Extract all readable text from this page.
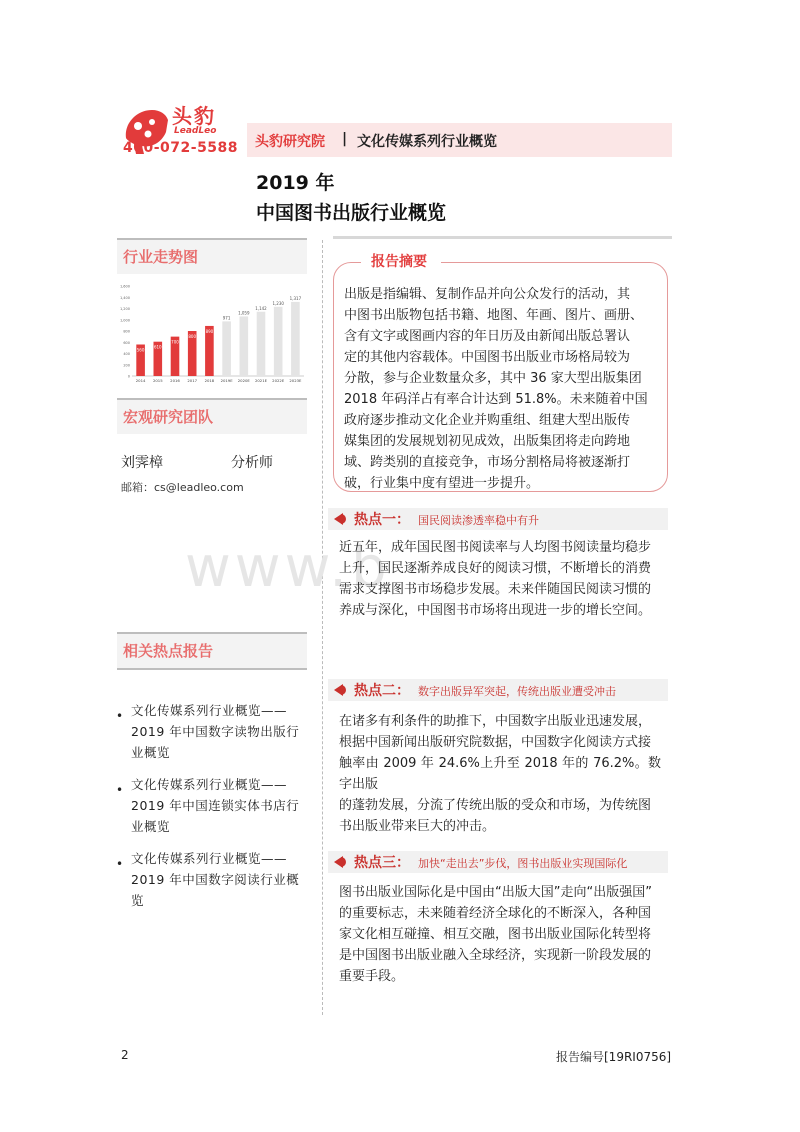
头豹
LeadLeo
400-072-5588 头豹研究院 | 文化传媒系列行业概览
2019 年
中国图书出版行业概览
行业走势图
0
200
400
600
800
1,000
1,200
1,400
1,600
560
2014
610
2015
700
2016
800
2017
890
2018
971
2019E
1,059
2020E
1,142
2021E
1,230
2022E
1,317
2023E
宏观研究团队
刘霁樟	分析师
邮箱：cs@leadleo.com
相关热点报告
• 文化传媒系列行业概览——
2019 年中国数字读物出版行
业概览
• 文化传媒系列行业概览——
2019 年中国连锁实体书店行
业概览
• 文化传媒系列行业概览——
2019 年中国数字阅读行业概
览
报告摘要
出版是指编辑、复制作品并向公众发行的活动，其
中图书出版物包括书籍、地图、年画、图片、画册、
含有文字或图画内容的年日历及由新闻出版总署认
定的其他内容载体。中国图书出版业市场格局较为
分散，参与企业数量众多，其中 36 家大型出版集团
2018 年码洋占有率合计达到 51.8%。未来随着中国
政府逐步推动文化企业并购重组、组建大型出版传
媒集团的发展规划初见成效，出版集团将走向跨地
域、跨类别的直接竞争，市场分割格局将被逐渐打
破，行业集中度有望进一步提升。
www.b
热点一： 国民阅读渗透率稳中有升
近五年，成年国民图书阅读率与人均图书阅读量均稳步
上升，国民逐渐养成良好的阅读习惯，不断增长的消费
需求支撑图书市场稳步发展。未来伴随国民阅读习惯的
养成与深化，中国图书市场将出现进一步的增长空间。
热点二： 数字出版异军突起，传统出版业遭受冲击
在诸多有利条件的助推下，中国数字出版业迅速发展，
根据中国新闻出版研究院数据，中国数字化阅读方式接
触率由 2009 年 24.6%上升至 2018 年的 76.2%。数字出版
的蓬勃发展，分流了传统出版的受众和市场，为传统图
书出版业带来巨大的冲击。
热点三： 加快“走出去”步伐，图书出版业实现国际化
图书出版业国际化是中国由“出版大国”走向“出版强国”
的重要标志，未来随着经济全球化的不断深入，各种国
家文化相互碰撞、相互交融，图书出版业国际化转型将
是中国图书出版业融入全球经济，实现新一阶段发展的
重要手段。
2	报告编号[19RI0756]
